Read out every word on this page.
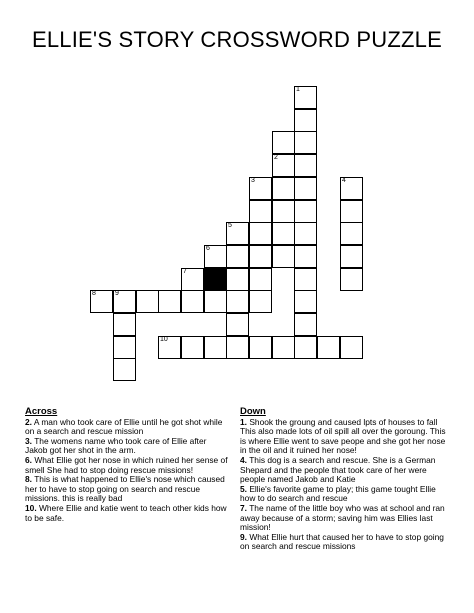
ELLIE'S STORY CROSSWORD PUZZLE
2
3	4
5
6
7
8	9
10
1
Across

2. A man who took care of Ellie until he got shot while on a search and rescue mission

3. The womens name who took care of Ellie after Jakob got her shot in the arm.

6. What Ellie got her nose in which ruined her sense of smell She had to stop doing rescue missions!

8. This is what happened to Ellie's nose which caused her to have to stop going on search and rescue missions. this is really bad

10. Where Ellie and katie went to teach other kids how to be safe.

Down

1. Shook the groung and caused lpts of houses to fall This also made lots of oil spill all over the goroung. This is where Ellie went to save peope and she got her nose in the oil and it ruined her nose!

4. This dog is a search and rescue. She is a German Shepard and the people that took care of her were people named Jakob and Katie

5. Ellie's favorite game to play; this game tought Ellie how to do search and rescue

7. The name of the little boy who was at school and ran away because of a storm; saving him was Ellies last mission!

9. What Ellie hurt that caused her to have to stop going on search and rescue missions
